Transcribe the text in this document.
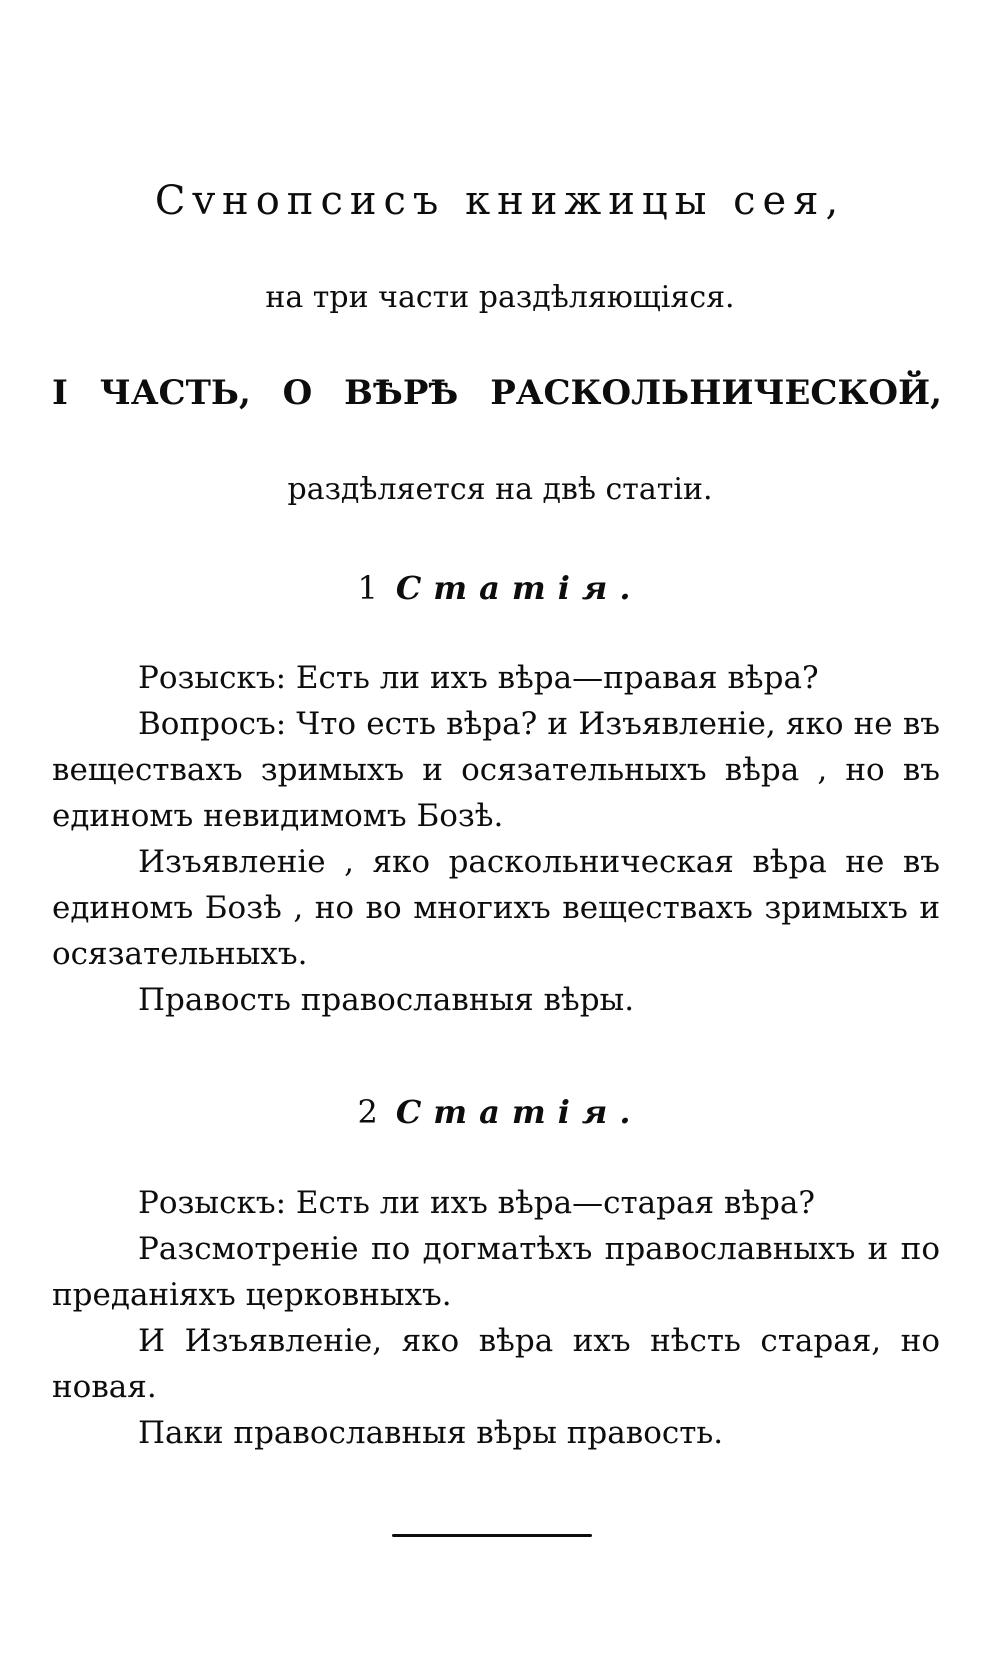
Сvнопсисъ книжицы сея,
на три части раздѣляющіяся.
I ЧАСТЬ, О ВѢРѢ РАСКОЛЬНИЧЕСКОЙ,
раздѣляется на двѣ статіи.
1 Статія.

Розыскъ: Есть ли ихъ вѣра—правая вѣра?

Вопросъ: Что есть вѣра? и Изъявленіе, яко не въ веществахъ зримыхъ и осязательныхъ вѣра , но въ единомъ невидимомъ Бозѣ.

Изъявленіе , яко раскольническая вѣра не въ единомъ Бозѣ , но во многихъ веществахъ зримыхъ и осязательныхъ.

Правость православныя вѣры.

2 Статія.

Розыскъ: Есть ли ихъ вѣра—старая вѣра?

Разсмотреніе по догматѣхъ православныхъ и по преданіяхъ церковныхъ.

И Изъявленіе, яко вѣра ихъ нѣсть старая, но новая.

Паки православныя вѣры правость.
